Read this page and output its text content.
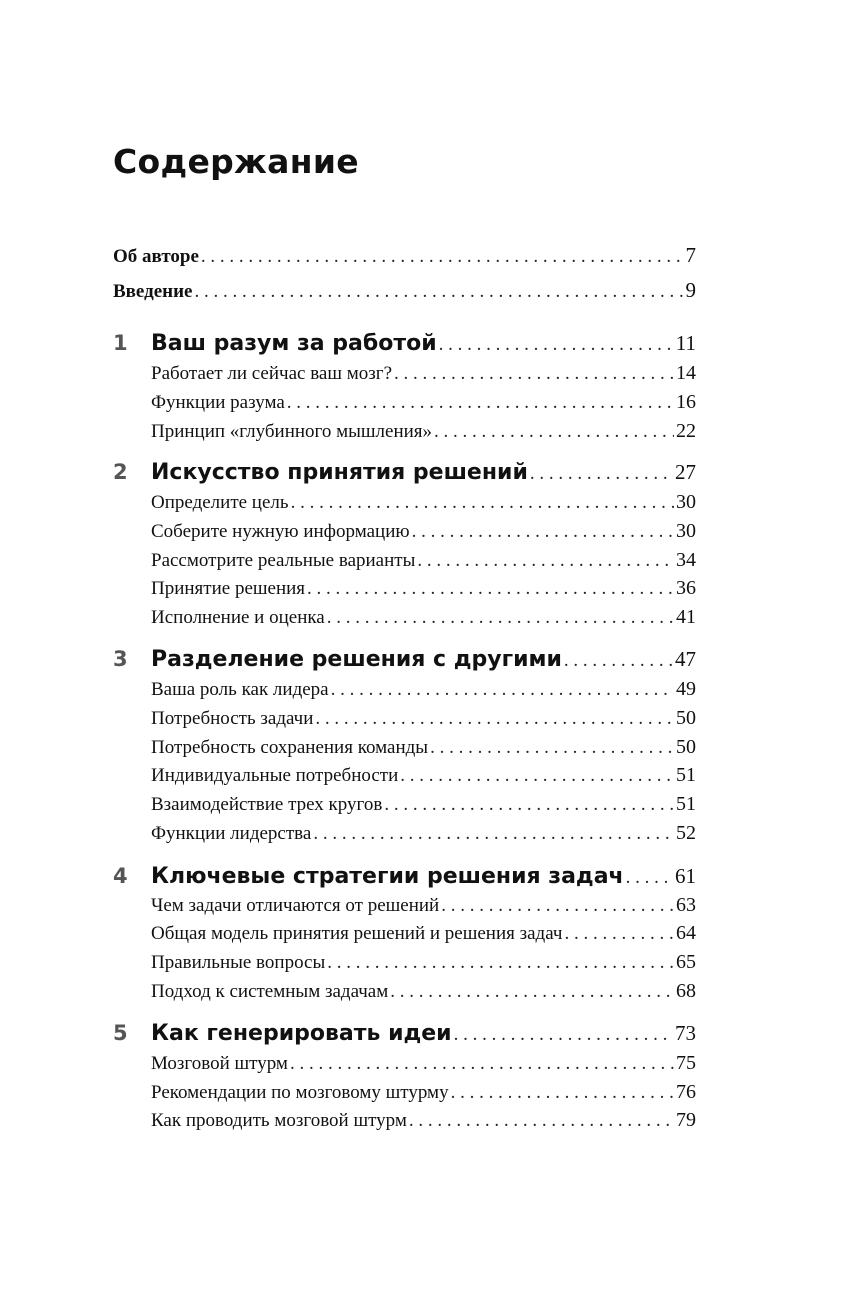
Содержание
Об авторе . . .	7
Введение . . .	9
1	Ваш разум за работой . . .	11
Работает ли сейчас ваш мозг? . . .	14
Функции разума . . .	16
Принцип «глубинного мышления» . . .	22
2	Искусство принятия решений . . .	27
Определите цель . . .	30
Соберите нужную информацию . . .	30
Рассмотрите реальные варианты . . .	34
Принятие решения . . .	36
Исполнение и оценка . . .	41
3	Разделение решения с другими . . .	47
Ваша роль как лидера . . .	49
Потребность задачи . . .	50
Потребность сохранения команды . . .	50
Индивидуальные потребности . . .	51
Взаимодействие трех кругов . . .	51
Функции лидерства . . .	52
4	Ключевые стратегии решения задач . . . 61
Чем задачи отличаются от решений . . .	63
Общая модель принятия решений и решения задач . . .	64
Правильные вопросы . . .	65
Подход к системным задачам . . .	68
5	Как генерировать идеи . . .	73
Мозговой штурм . . .	75
Рекомендации по мозговому штурму . . .	76
Как проводить мозговой штурм . . .	79
